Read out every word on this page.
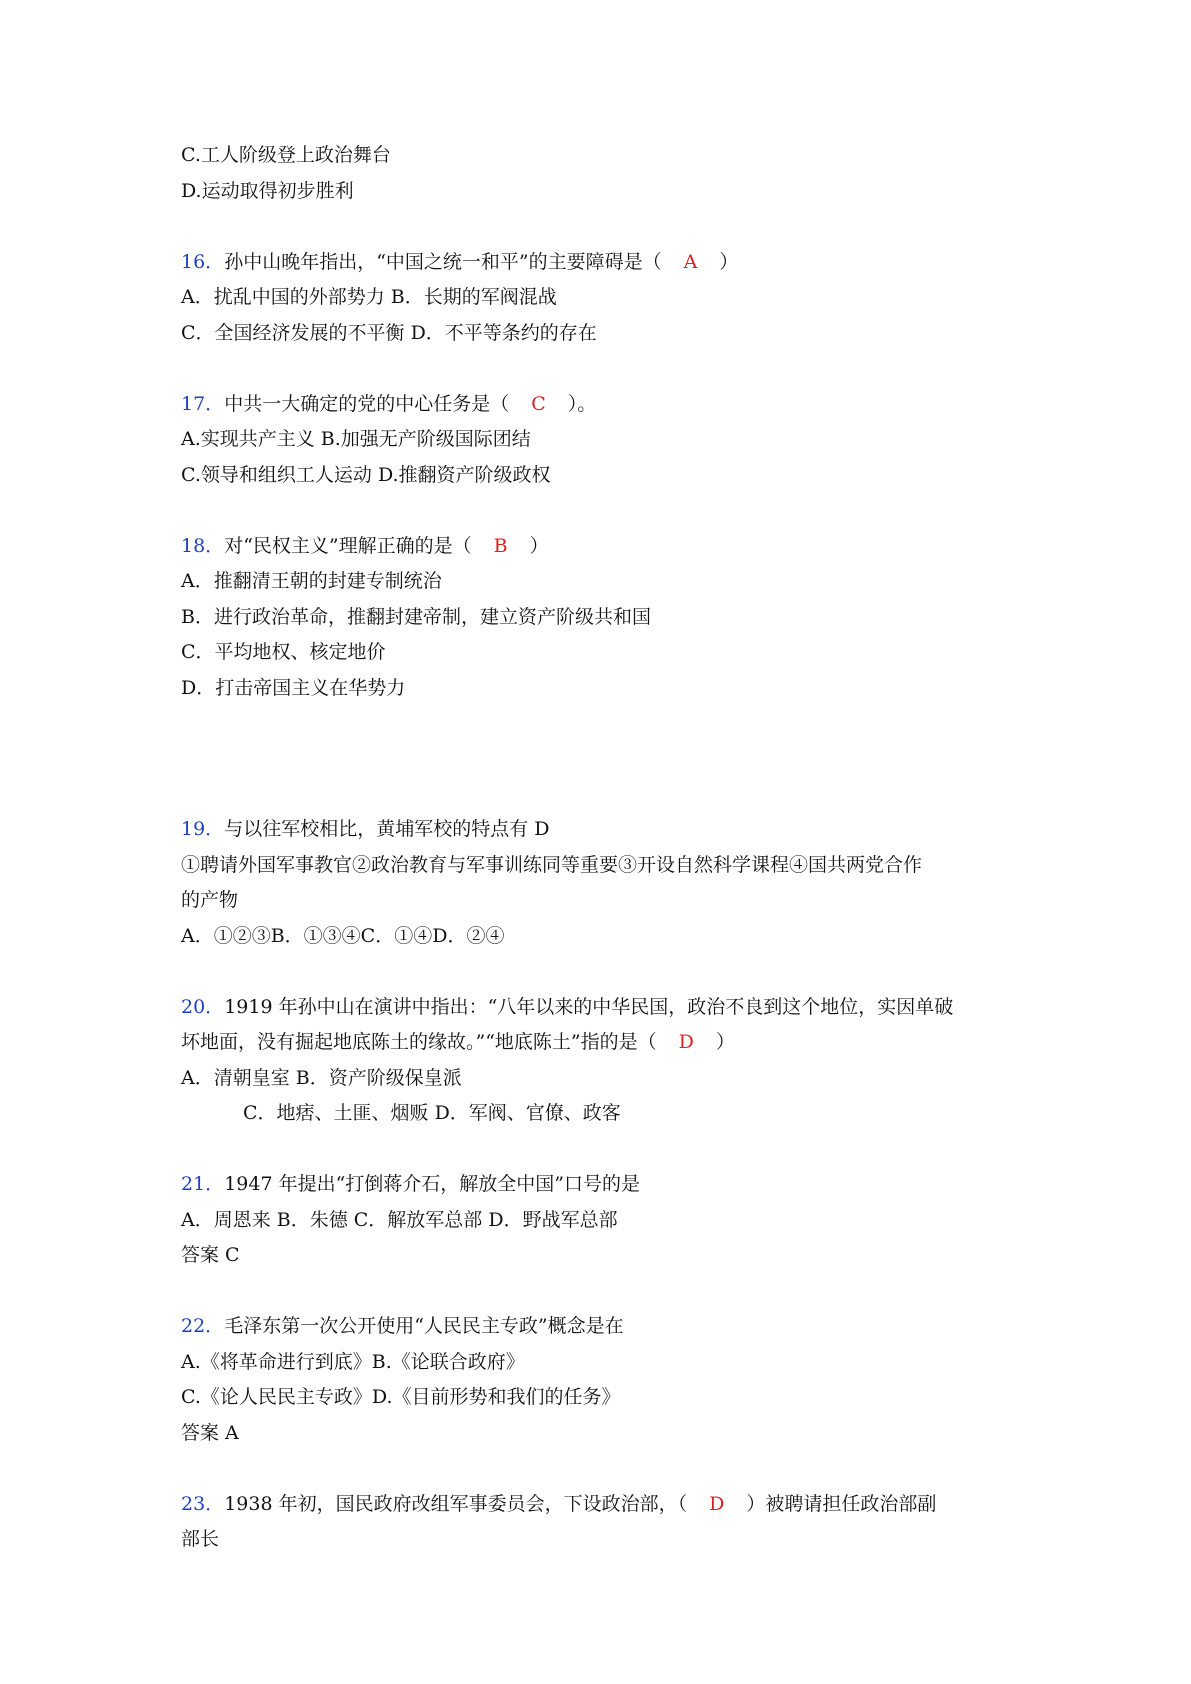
C.工人阶级登上政治舞台
D.运动取得初步胜利
16．孙中山晚年指出，“中国之统一和平”的主要障碍是（ A ）
A．扰乱中国的外部势力 B．长期的军阀混战
C．全国经济发展的不平衡 D．不平等条约的存在
17．中共一大确定的党的中心任务是（ C ）。
A.实现共产主义 B.加强无产阶级国际团结
C.领导和组织工人运动 D.推翻资产阶级政权
18．对“民权主义”理解正确的是（ B ）
A．推翻清王朝的封建专制统治
B．进行政治革命，推翻封建帝制，建立资产阶级共和国
C．平均地权、核定地价
D．打击帝国主义在华势力
19．与以往军校相比，黄埔军校的特点有 D
①聘请外国军事教官②政治教育与军事训练同等重要③开设自然科学课程④国共两党合作
的产物
A．①②③B．①③④C．①④D．②④
20．1919 年孙中山在演讲中指出：“八年以来的中华民国，政治不良到这个地位，实因单破
坏地面，没有掘起地底陈土的缘故。”“地底陈土”指的是（ D ）
A．清朝皇室 B．资产阶级保皇派
C．地痞、土匪、烟贩 D．军阀、官僚、政客
21．1947 年提出“打倒蒋介石，解放全中国”口号的是
A．周恩来 B．朱德 C．解放军总部 D．野战军总部
答案 C
22．毛泽东第一次公开使用“人民民主专政”概念是在
A.《将革命进行到底》B.《论联合政府》
C.《论人民民主专政》D.《目前形势和我们的任务》
答案 A
23．1938 年初，国民政府改组军事委员会，下设政治部，（ D ）被聘请担任政治部副
部长
